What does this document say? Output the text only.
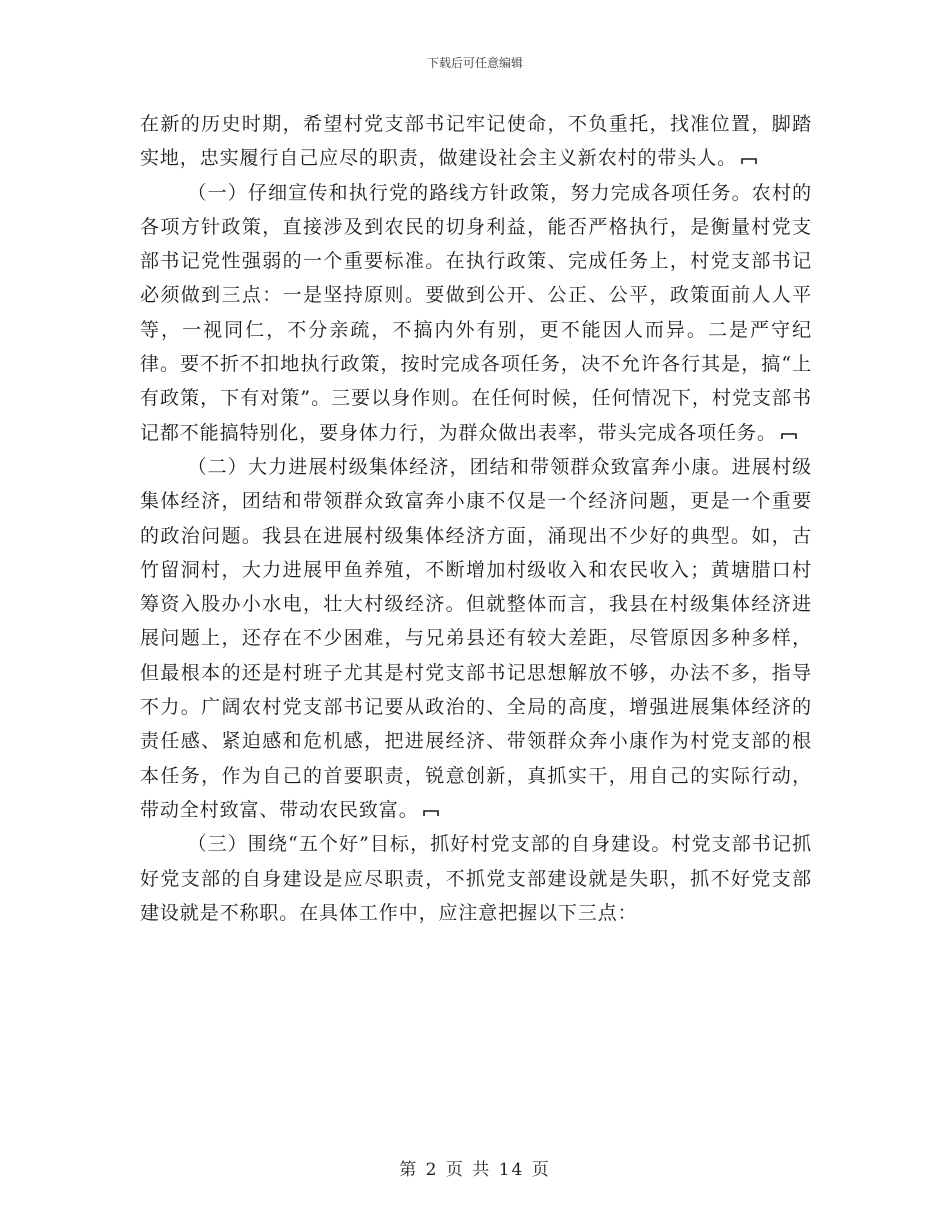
下载后可任意编辑

在新的历史时期，希望村党支部书记牢记使命，不负重托，找准位置，脚踏实地，忠实履行自己应尽的职责，做建设社会主义新农村的带头人。

（一）仔细宣传和执行党的路线方针政策，努力完成各项任务。农村的各项方针政策，直接涉及到农民的切身利益，能否严格执行，是衡量村党支部书记党性强弱的一个重要标准。在执行政策、完成任务上，村党支部书记必须做到三点：一是坚持原则。要做到公开、公正、公平，政策面前人人平等，一视同仁，不分亲疏，不搞内外有别，更不能因人而异。二是严守纪律。要不折不扣地执行政策，按时完成各项任务，决不允许各行其是，搞“上有政策，下有对策”。三要以身作则。在任何时候，任何情况下，村党支部书记都不能搞特别化，要身体力行，为群众做出表率，带头完成各项任务。

（二）大力进展村级集体经济，团结和带领群众致富奔小康。进展村级集体经济，团结和带领群众致富奔小康不仅是一个经济问题，更是一个重要的政治问题。我县在进展村级集体经济方面，涌现出不少好的典型。如，古竹留洞村，大力进展甲鱼养殖，不断增加村级收入和农民收入；黄塘腊口村筹资入股办小水电，壮大村级经济。但就整体而言，我县在村级集体经济进展问题上，还存在不少困难，与兄弟县还有较大差距，尽管原因多种多样，但最根本的还是村班子尤其是村党支部书记思想解放不够，办法不多，指导不力。广阔农村党支部书记要从政治的、全局的高度，增强进展集体经济的责任感、紧迫感和危机感，把进展经济、带领群众奔小康作为村党支部的根本任务，作为自己的首要职责，锐意创新，真抓实干，用自己的实际行动，带动全村致富、带动农民致富。

（三）围绕“五个好”目标，抓好村党支部的自身建设。村党支部书记抓好党支部的自身建设是应尽职责，不抓党支部建设就是失职，抓不好党支部建设就是不称职。在具体工作中，应注意把握以下三点：

第 2 页 共 14 页
